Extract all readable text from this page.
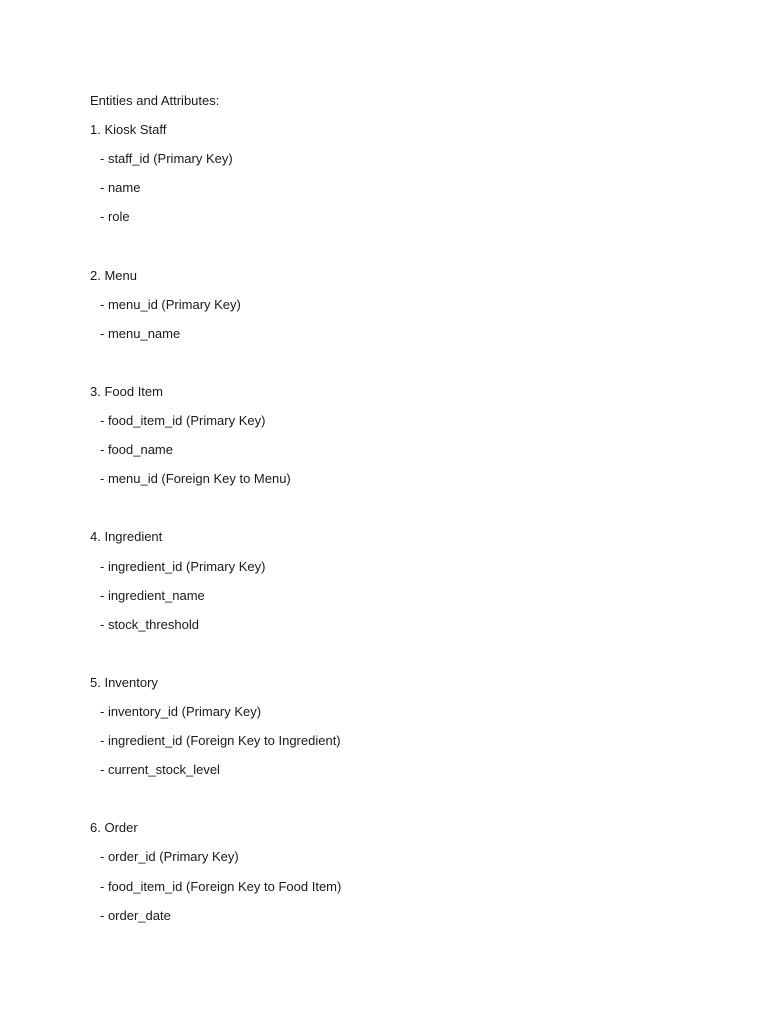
Entities and Attributes:
1. Kiosk Staff
- staff_id (Primary Key)
- name
- role
2. Menu
- menu_id (Primary Key)
- menu_name
3. Food Item
- food_item_id (Primary Key)
- food_name
- menu_id (Foreign Key to Menu)
4. Ingredient
- ingredient_id (Primary Key)
- ingredient_name
- stock_threshold
5. Inventory
- inventory_id (Primary Key)
- ingredient_id (Foreign Key to Ingredient)
- current_stock_level
6. Order
- order_id (Primary Key)
- food_item_id (Foreign Key to Food Item)
- order_date
